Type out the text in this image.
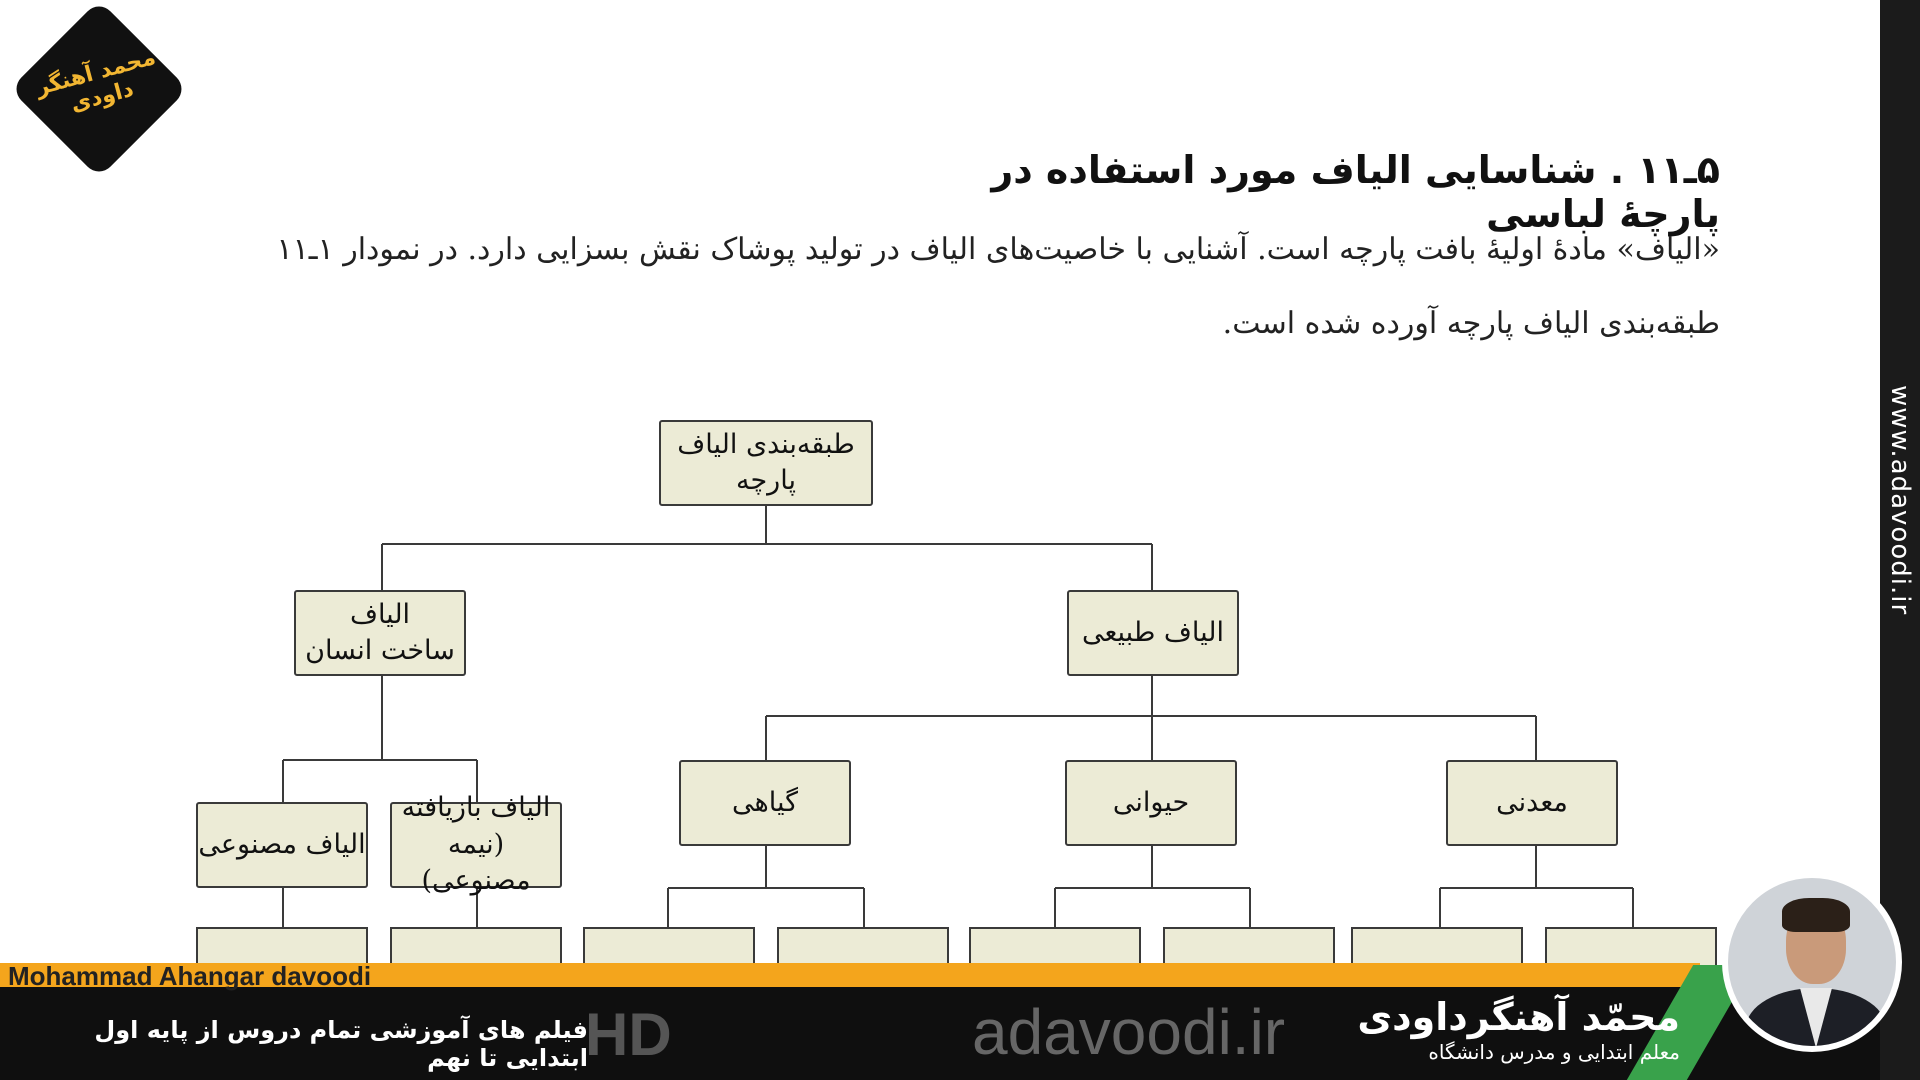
محمد آهنگر داودی
۵ـ۱۱ . شناسایی الیاف مورد استفاده در پارچهٔ لباسی
«الیاف» مادهٔ اولیهٔ بافت پارچه است. آشنایی با خاصیت‌های الیاف در تولید پوشاک نقش بسزایی دارد. در نمودار ۱ـ۱۱
طبقه‌بندی الیاف پارچه آورده شده است.
طبقه‌بندی الیاف پارچه
الیاف
ساخت انسان
الیاف طبیعی
گیاهی	حیوانی	معدنی
الیاف مصنوعی
الیاف بازیافته
(نیمه مصنوعی)
www.adavoodi.ir
Mohammad Ahangar davoodi
HD	adavoodi.ir
فیلم های آموزشی تمام دروس از پایه اول ابتدایی تا نهم
محمّد آهنگرداودی
معلم ابتدایی و مدرس دانشگاه
